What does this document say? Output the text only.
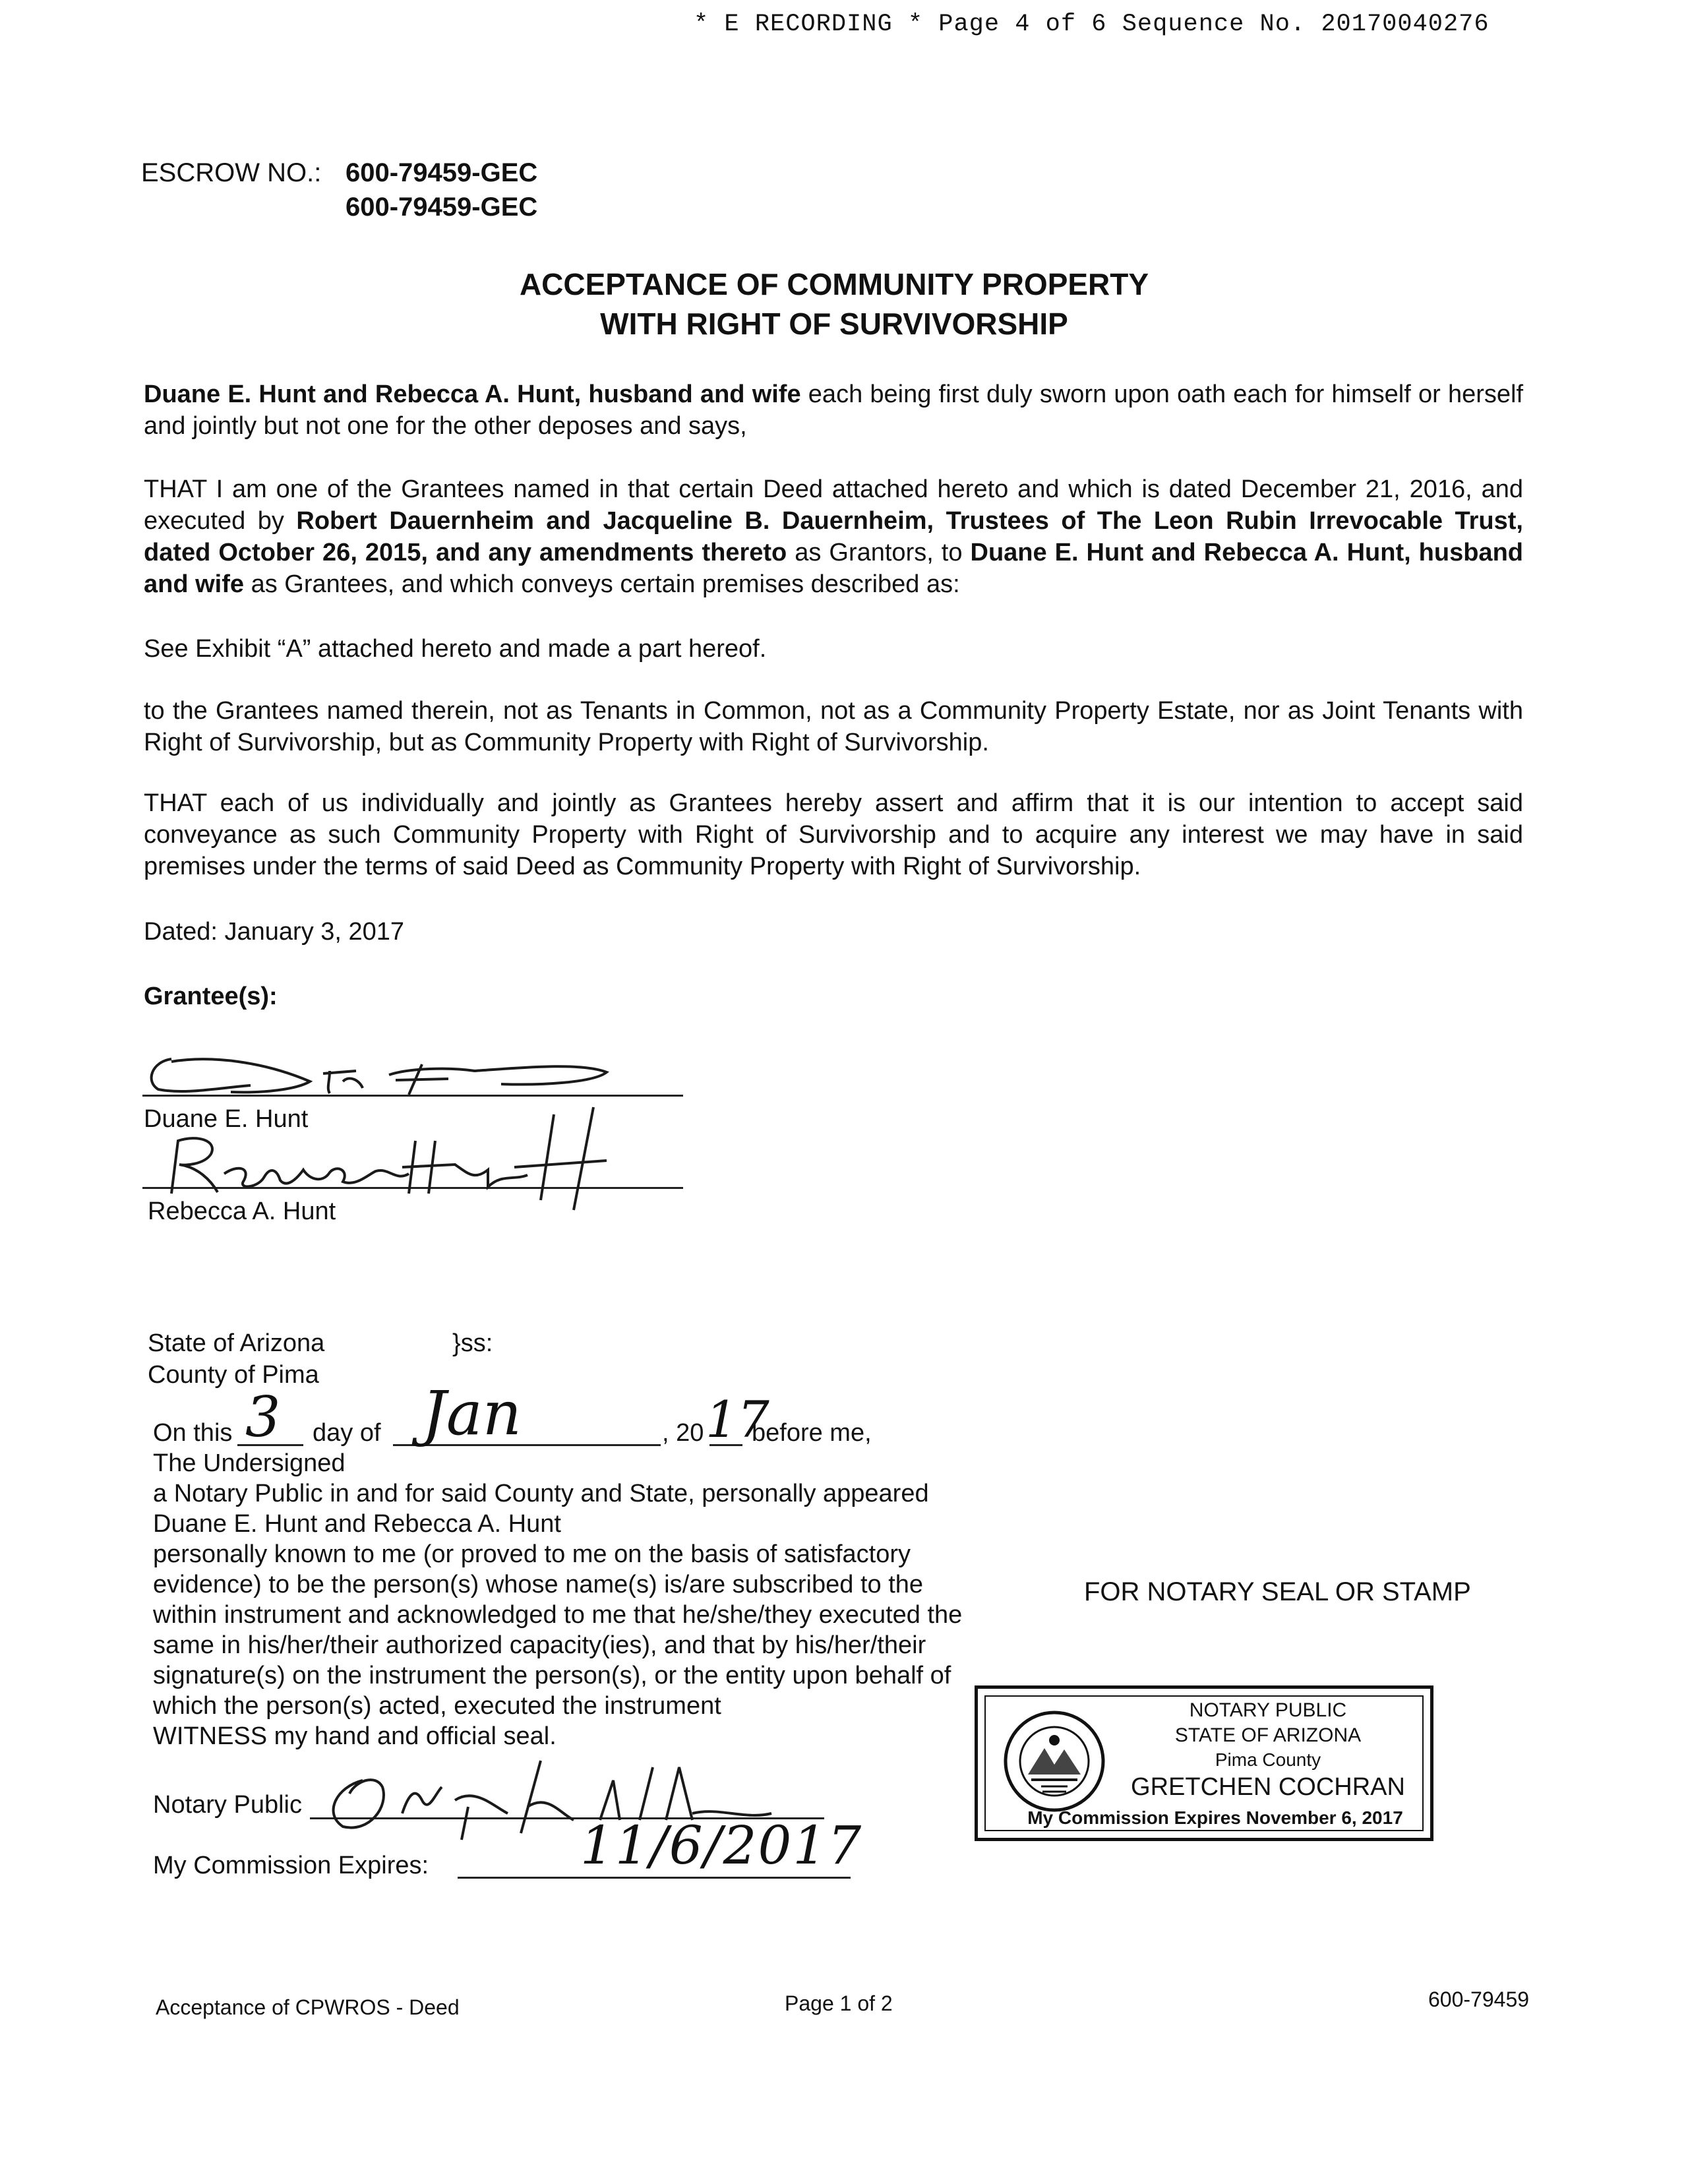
* E RECORDING * Page 4 of 6 Sequence No. 20170040276
ESCROW NO.: 600-79459-GEC
600-79459-GEC
ACCEPTANCE OF COMMUNITY PROPERTY
WITH RIGHT OF SURVIVORSHIP
Duane E. Hunt and Rebecca A. Hunt, husband and wife each being first duly sworn upon oath each for himself or herself and jointly but not one for the other deposes and says,
THAT I am one of the Grantees named in that certain Deed attached hereto and which is dated December 21, 2016, and executed by Robert Dauernheim and Jacqueline B. Dauernheim, Trustees of The Leon Rubin Irrevocable Trust, dated October 26, 2015, and any amendments thereto as Grantors, to Duane E. Hunt and Rebecca A. Hunt, husband and wife as Grantees, and which conveys certain premises described as:
See Exhibit “A” attached hereto and made a part hereof.
to the Grantees named therein, not as Tenants in Common, not as a Community Property Estate, nor as Joint Tenants with Right of Survivorship, but as Community Property with Right of Survivorship.
THAT each of us individually and jointly as Grantees hereby assert and affirm that it is our intention to accept said conveyance as such Community Property with Right of Survivorship and to acquire any interest we may have in said premises under the terms of said Deed as Community Property with Right of Survivorship.
Dated: January 3, 2017
Grantee(s):
Duane E. Hunt
Rebecca A. Hunt
State of Arizona	}ss:
County of Pima
On this 3 day of Jan	, 20 17
before me,
The Undersigned
a Notary Public in and for said County and State, personally appeared
Duane E. Hunt and Rebecca A. Hunt
personally known to me (or proved to me on the basis of satisfactory
evidence) to be the person(s) whose name(s) is/are subscribed to the
within instrument and acknowledged to me that he/she/they executed the
same in his/her/their authorized capacity(ies), and that by his/her/their
signature(s) on the instrument the person(s), or the entity upon behalf of
which the person(s) acted, executed the instrument
WITNESS my hand and official seal.
Notary Public
My Commission Expires:	11/6/2017
FOR NOTARY SEAL OR STAMP
NOTARY PUBLIC
STATE OF ARIZONA
Pima County
GRETCHEN COCHRAN
My Commission Expires November 6, 2017
Acceptance of CPWROS - Deed	Page 1 of 2	600-79459
